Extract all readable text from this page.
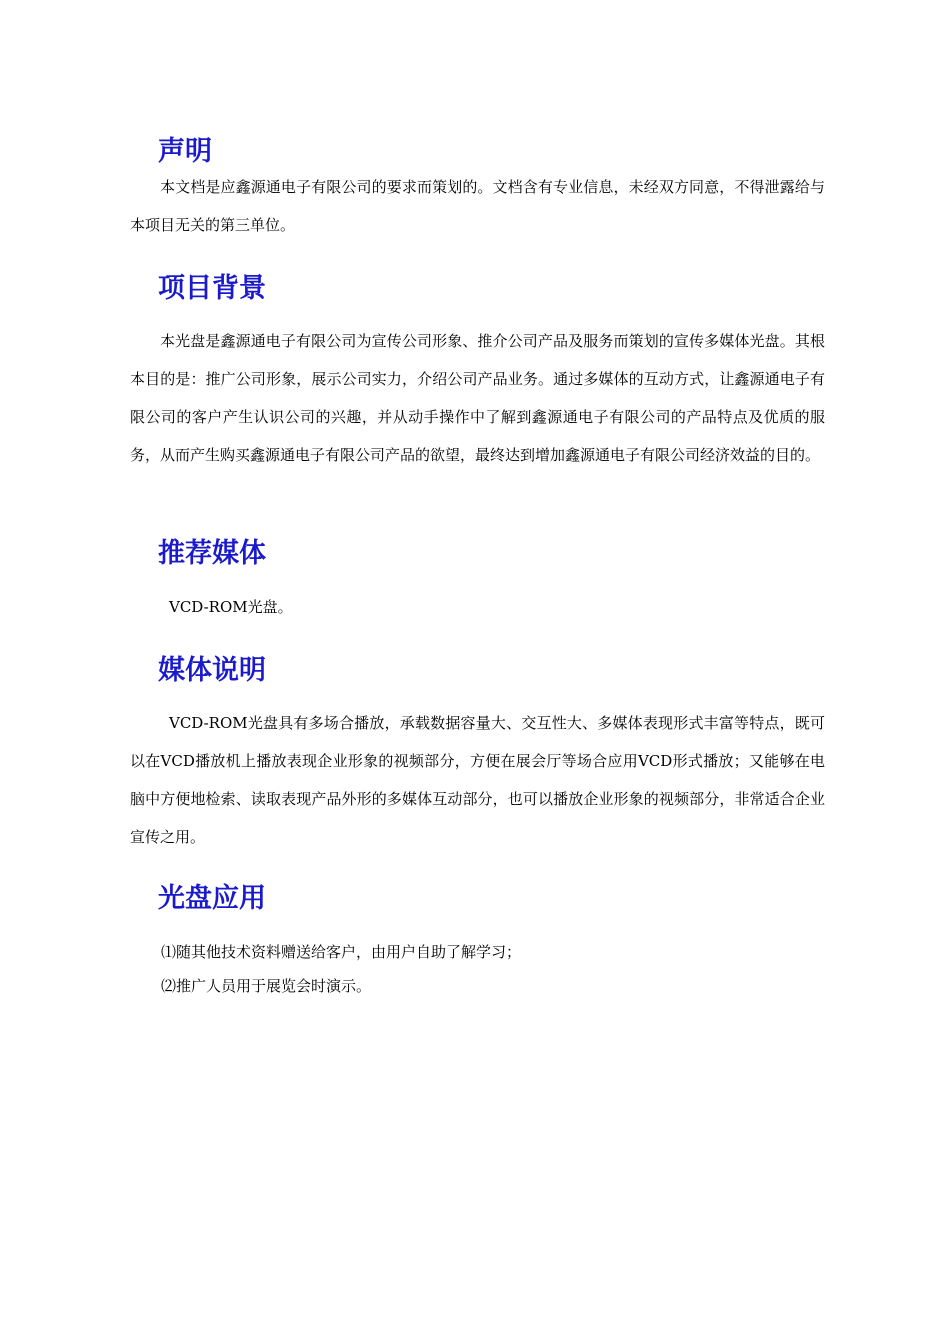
声明

本文档是应鑫源通电子有限公司的要求而策划的。文档含有专业信息，未经双方同意，不得泄露给与本项目无关的第三单位。

项目背景

本光盘是鑫源通电子有限公司为宣传公司形象、推介公司产品及服务而策划的宣传多媒体光盘。其根本目的是：推广公司形象，展示公司实力，介绍公司产品业务。通过多媒体的互动方式，让鑫源通电子有限公司的客户产生认识公司的兴趣，并从动手操作中了解到鑫源通电子有限公司的产品特点及优质的服务，从而产生购买鑫源通电子有限公司产品的欲望，最终达到增加鑫源通电子有限公司经济效益的目的。

推荐媒体

VCD-ROM光盘。

媒体说明

VCD-ROM光盘具有多场合播放，承载数据容量大、交互性大、多媒体表现形式丰富等特点，既可以在VCD播放机上播放表现企业形象的视频部分，方便在展会厅等场合应用VCD形式播放；又能够在电脑中方便地检索、读取表现产品外形的多媒体互动部分，也可以播放企业形象的视频部分，非常适合企业宣传之用。

光盘应用

⑴随其他技术资料赠送给客户，由用户自助了解学习；

⑵推广人员用于展览会时演示。
